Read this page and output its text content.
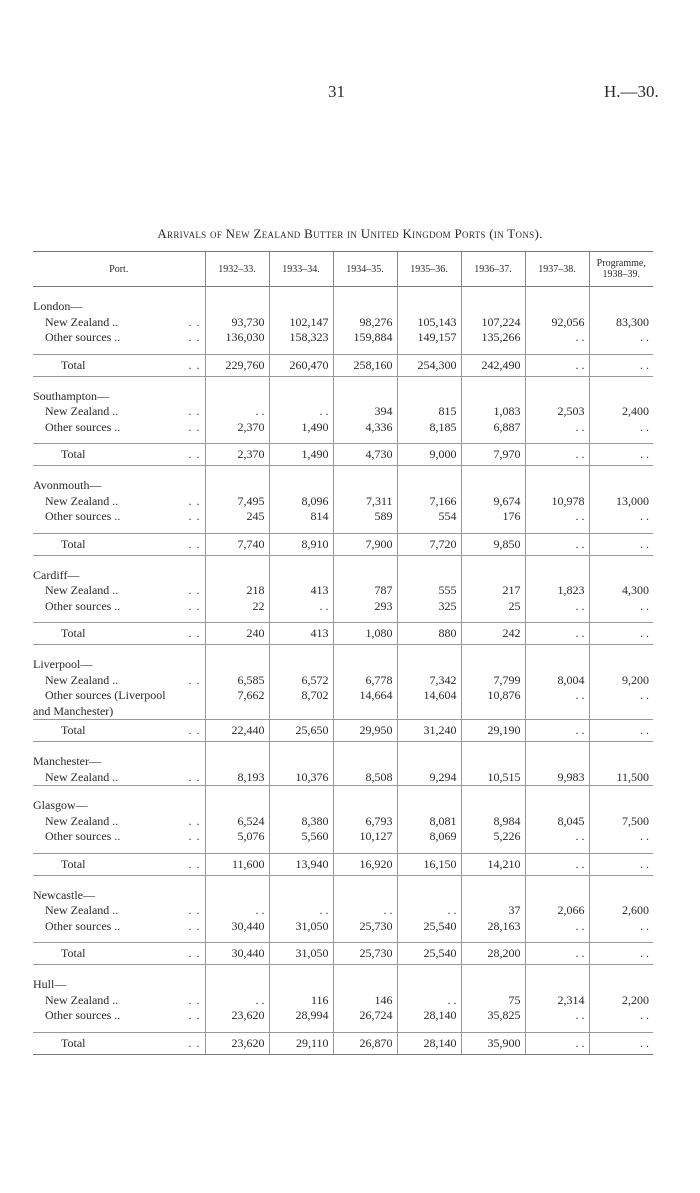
31	H.—30.
Arrivals of New Zealand Butter in United Kingdom Ports (in Tons).
Port.	1932–33.	1933–34.	1934–35.	1935–36.	1936–37.	1937–38.	Programme,
1938–39.

London—							

New Zealand .. . .	93,730	102,147	98,276	105,143	107,224	92,056	83,300

Other sources .. . .	136,030	158,323	159,884	149,157	135,266	. .	. .

Total . .	229,760	260,470	258,160	254,300	242,490	. .	. .

Southampton—							

New Zealand .. . .	. .	. .	394	815	1,083	2,503	2,400

Other sources .. . .	2,370	1,490	4,336	8,185	6,887	. .	. .

Total . .	2,370	1,490	4,730	9,000	7,970	. .	. .

Avonmouth—							

New Zealand .. . .	7,495	8,096	7,311	7,166	9,674	10,978	13,000

Other sources .. . .	245	814	589	554	176	. .	. .

Total . .	7,740	8,910	7,900	7,720	9,850	. .	. .

Cardiff—							

New Zealand .. . .	218	413	787	555	217	1,823	4,300

Other sources .. . .	22	. .	293	325	25	. .	. .

Total . .	240	413	1,080	880	242	. .	. .

Liverpool—							

New Zealand .. . .	6,585	6,572	6,778	7,342	7,799	8,004	9,200

Other sources (Liverpool	7,662	8,702	14,664	14,604	10,876	. .	. .
and Manchester)							

Total . .	22,440	25,650	29,950	31,240	29,190	. .	. .

Manchester—							

New Zealand .. . .	8,193	10,376	8,508	9,294	10,515	9,983	11,500

Glasgow—							

New Zealand .. . .	6,524	8,380	6,793	8,081	8,984	8,045	7,500

Other sources .. . .	5,076	5,560	10,127	8,069	5,226	. .	. .

Total . .	11,600	13,940	16,920	16,150	14,210	. .	. .

Newcastle—							

New Zealand .. . .	. .	. .	. .	. .	37	2,066	2,600

Other sources .. . .	30,440	31,050	25,730	25,540	28,163	. .	. .

Total . .	30,440	31,050	25,730	25,540	28,200	. .	. .

Hull—							

New Zealand .. . .	. .	116	146	. .	75	2,314	2,200

Other sources .. . .	23,620	28,994	26,724	28,140	35,825	. .	. .

Total . .	23,620	29,110	26,870	28,140	35,900	. .	. .
